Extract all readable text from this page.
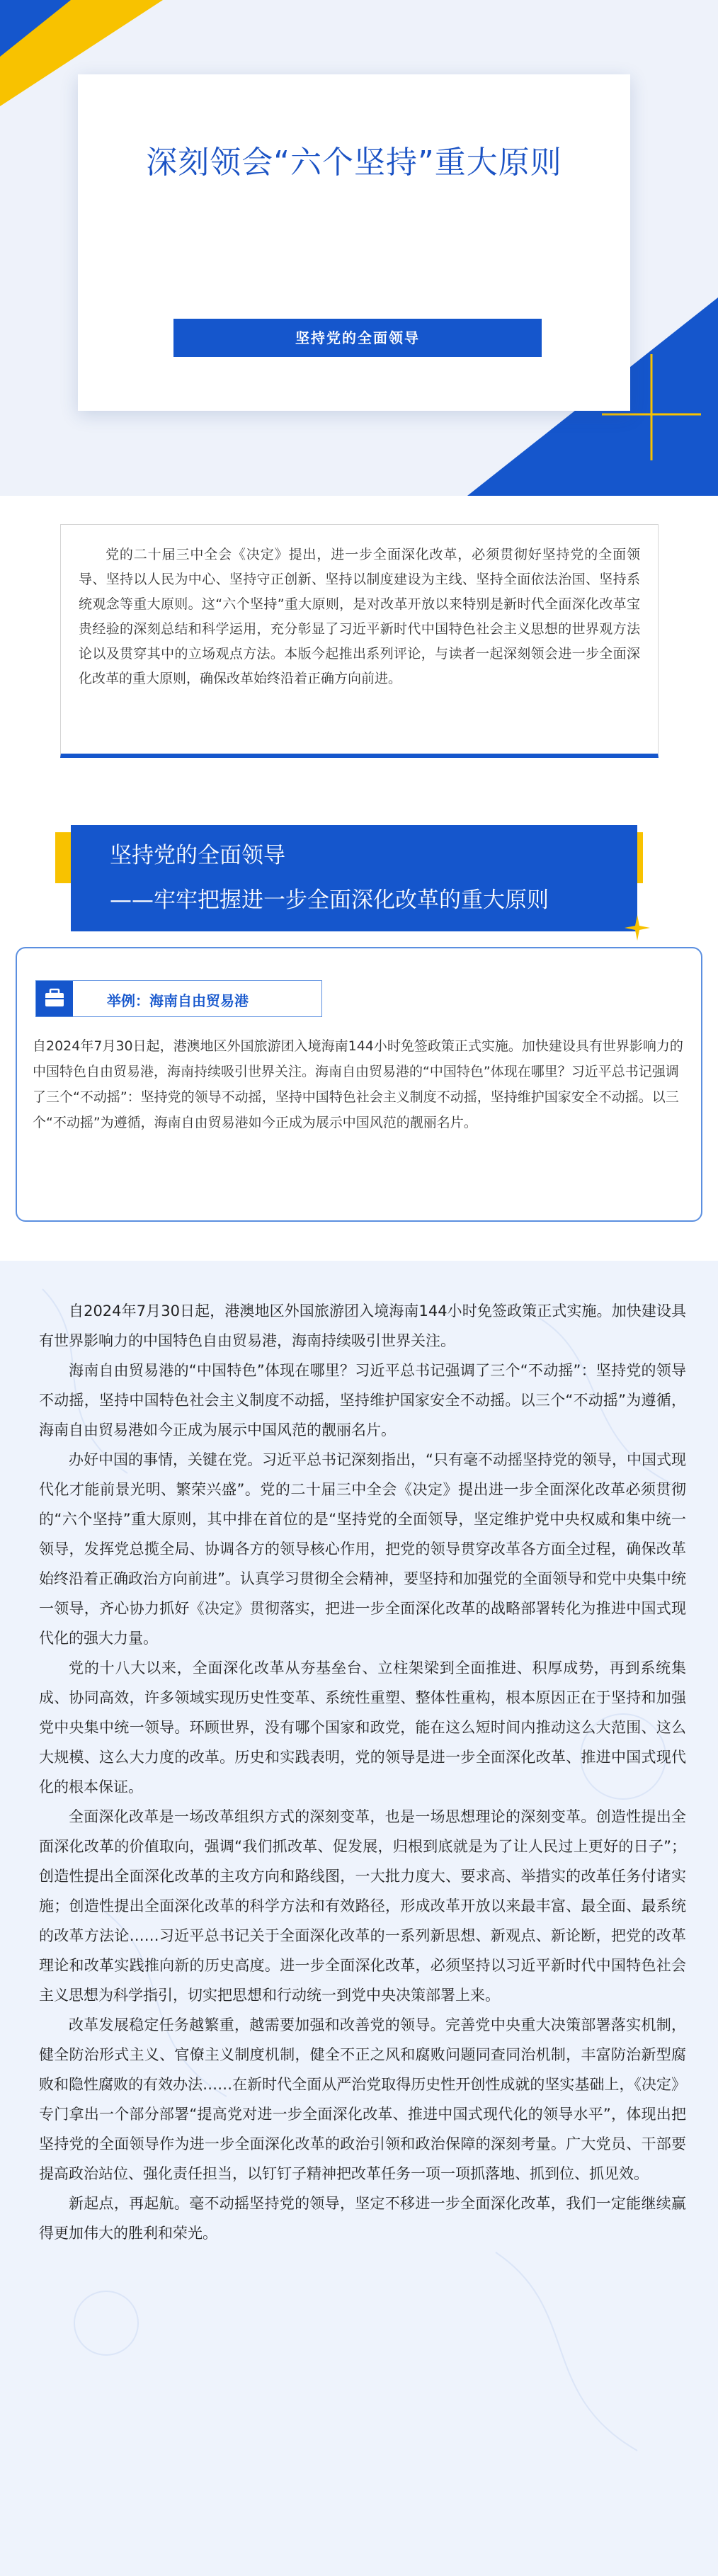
深刻领会“六个坚持”重大原则
坚持党的全面领导

党的二十届三中全会《决定》提出，进一步全面深化改革，必须贯彻好坚持党的全面领导、坚持以人民为中心、坚持守正创新、坚持以制度建设为主线、坚持全面依法治国、坚持系统观念等重大原则。这“六个坚持”重大原则，是对改革开放以来特别是新时代全面深化改革宝贵经验的深刻总结和科学运用，充分彰显了习近平新时代中国特色社会主义思想的世界观方法论以及贯穿其中的立场观点方法。本版今起推出系列评论，与读者一起深刻领会进一步全面深化改革的重大原则，确保改革始终沿着正确方向前进。

坚持党的全面领导
——牢牢把握进一步全面深化改革的重大原则
举例：海南自由贸易港

自2024年7月30日起，港澳地区外国旅游团入境海南144小时免签政策正式实施。加快建设具有世界影响力的中国特色自由贸易港，海南持续吸引世界关注。海南自由贸易港的“中国特色”体现在哪里？习近平总书记强调了三个“不动摇”：坚持党的领导不动摇，坚持中国特色社会主义制度不动摇，坚持维护国家安全不动摇。以三个“不动摇”为遵循，海南自由贸易港如今正成为展示中国风范的靓丽名片。

自2024年7月30日起，港澳地区外国旅游团入境海南144小时免签政策正式实施。加快建设具有世界影响力的中国特色自由贸易港，海南持续吸引世界关注。

海南自由贸易港的“中国特色”体现在哪里？习近平总书记强调了三个“不动摇”：坚持党的领导不动摇，坚持中国特色社会主义制度不动摇，坚持维护国家安全不动摇。以三个“不动摇”为遵循，海南自由贸易港如今正成为展示中国风范的靓丽名片。

办好中国的事情，关键在党。习近平总书记深刻指出，“只有毫不动摇坚持党的领导，中国式现代化才能前景光明、繁荣兴盛”。党的二十届三中全会《决定》提出进一步全面深化改革必须贯彻的“六个坚持”重大原则，其中排在首位的是“坚持党的全面领导，坚定维护党中央权威和集中统一领导，发挥党总揽全局、协调各方的领导核心作用，把党的领导贯穿改革各方面全过程，确保改革始终沿着正确政治方向前进”。认真学习贯彻全会精神，要坚持和加强党的全面领导和党中央集中统一领导，齐心协力抓好《决定》贯彻落实，把进一步全面深化改革的战略部署转化为推进中国式现代化的强大力量。

党的十八大以来，全面深化改革从夯基垒台、立柱架梁到全面推进、积厚成势，再到系统集成、协同高效，许多领域实现历史性变革、系统性重塑、整体性重构，根本原因正在于坚持和加强党中央集中统一领导。环顾世界，没有哪个国家和政党，能在这么短时间内推动这么大范围、这么大规模、这么大力度的改革。历史和实践表明，党的领导是进一步全面深化改革、推进中国式现代化的根本保证。

全面深化改革是一场改革组织方式的深刻变革，也是一场思想理论的深刻变革。创造性提出全面深化改革的价值取向，强调“我们抓改革、促发展，归根到底就是为了让人民过上更好的日子”；创造性提出全面深化改革的主攻方向和路线图，一大批力度大、要求高、举措实的改革任务付诸实施；创造性提出全面深化改革的科学方法和有效路径，形成改革开放以来最丰富、最全面、最系统的改革方法论……习近平总书记关于全面深化改革的一系列新思想、新观点、新论断，把党的改革理论和改革实践推向新的历史高度。进一步全面深化改革，必须坚持以习近平新时代中国特色社会主义思想为科学指引，切实把思想和行动统一到党中央决策部署上来。

改革发展稳定任务越繁重，越需要加强和改善党的领导。完善党中央重大决策部署落实机制，健全防治形式主义、官僚主义制度机制，健全不正之风和腐败问题同查同治机制，丰富防治新型腐败和隐性腐败的有效办法……在新时代全面从严治党取得历史性开创性成就的坚实基础上，《决定》专门拿出一个部分部署“提高党对进一步全面深化改革、推进中国式现代化的领导水平”，体现出把坚持党的全面领导作为进一步全面深化改革的政治引领和政治保障的深刻考量。广大党员、干部要提高政治站位、强化责任担当，以钉钉子精神把改革任务一项一项抓落地、抓到位、抓见效。

新起点，再起航。毫不动摇坚持党的领导，坚定不移进一步全面深化改革，我们一定能继续赢得更加伟大的胜利和荣光。
